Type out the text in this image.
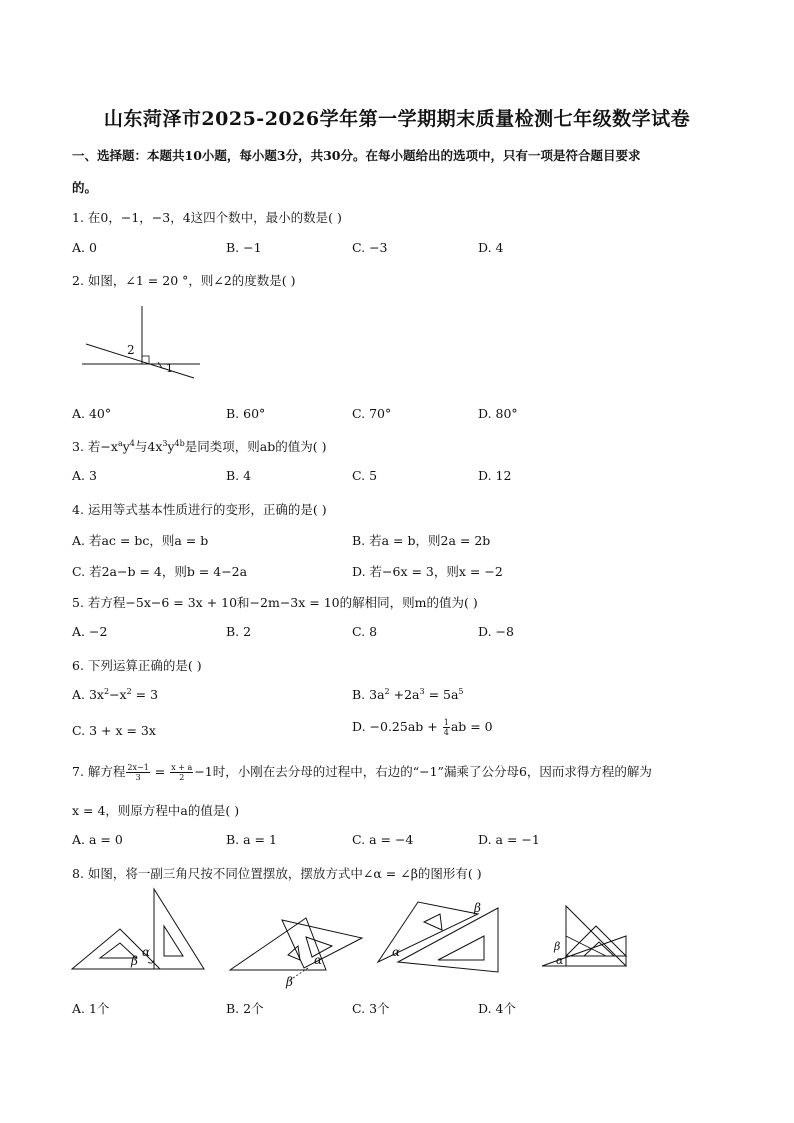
山东菏泽市2025-2026学年第一学期期末质量检测七年级数学试卷
一、选择题：本题共10小题，每小题3分，共30分。在每小题给出的选项中，只有一项是符合题目要求
的。
1. 在0，−1，−3，4这四个数中，最小的数是( )
A. 0	B. −1	C. −3	D. 4
2. 如图，∠1 = 20 °，则∠2的度数是( )
2
1
A. 40°	B. 60°	C. 70°	D. 80°
3. 若$-x^ay^4$与$4x^3y^{4b}$是同类项，则ab的值为( )
A. 3	B. 4	C. 5	D. 12
4. 运用等式基本性质进行的变形，正确的是( )
A. 若ac = bc，则a = b	B. 若a = b，则2a = 2b
C. 若2a−b = 4，则b = 4−2a	D. 若−6x = 3，则x = −2
5. 若方程−5x−6 = 3x + 10和−2m−3x = 10的解相同，则m的值为( )
A. −2	B. 2	C. 8	D. −8
6. 下列运算正确的是( )
A. $3x^2-x^2 = 3$	B. $3a^2 +2a^3 = 5a^5$
C. 3 + x = 3x	D. $-0.25ab + \frac{1}{4}$ ab = 0
7. 解方程 $\frac{2x-1}{3} = \frac{x + a}{2} -1$时，小刚在去分母的过程中，右边的“−1”漏乘了公分母6，因而求得方程的解为
x = 4，则原方程中a的值是( )
A. a = 0	B. a = 1	C. a = −4	D. a = −1
8. 如图，将一副三角尺按不同位置摆放，摆放方式中∠α = ∠β的图形有( )
α
β	α
β
α
β
β
α
A. 1个	B. 2个	C. 3个	D. 4个
